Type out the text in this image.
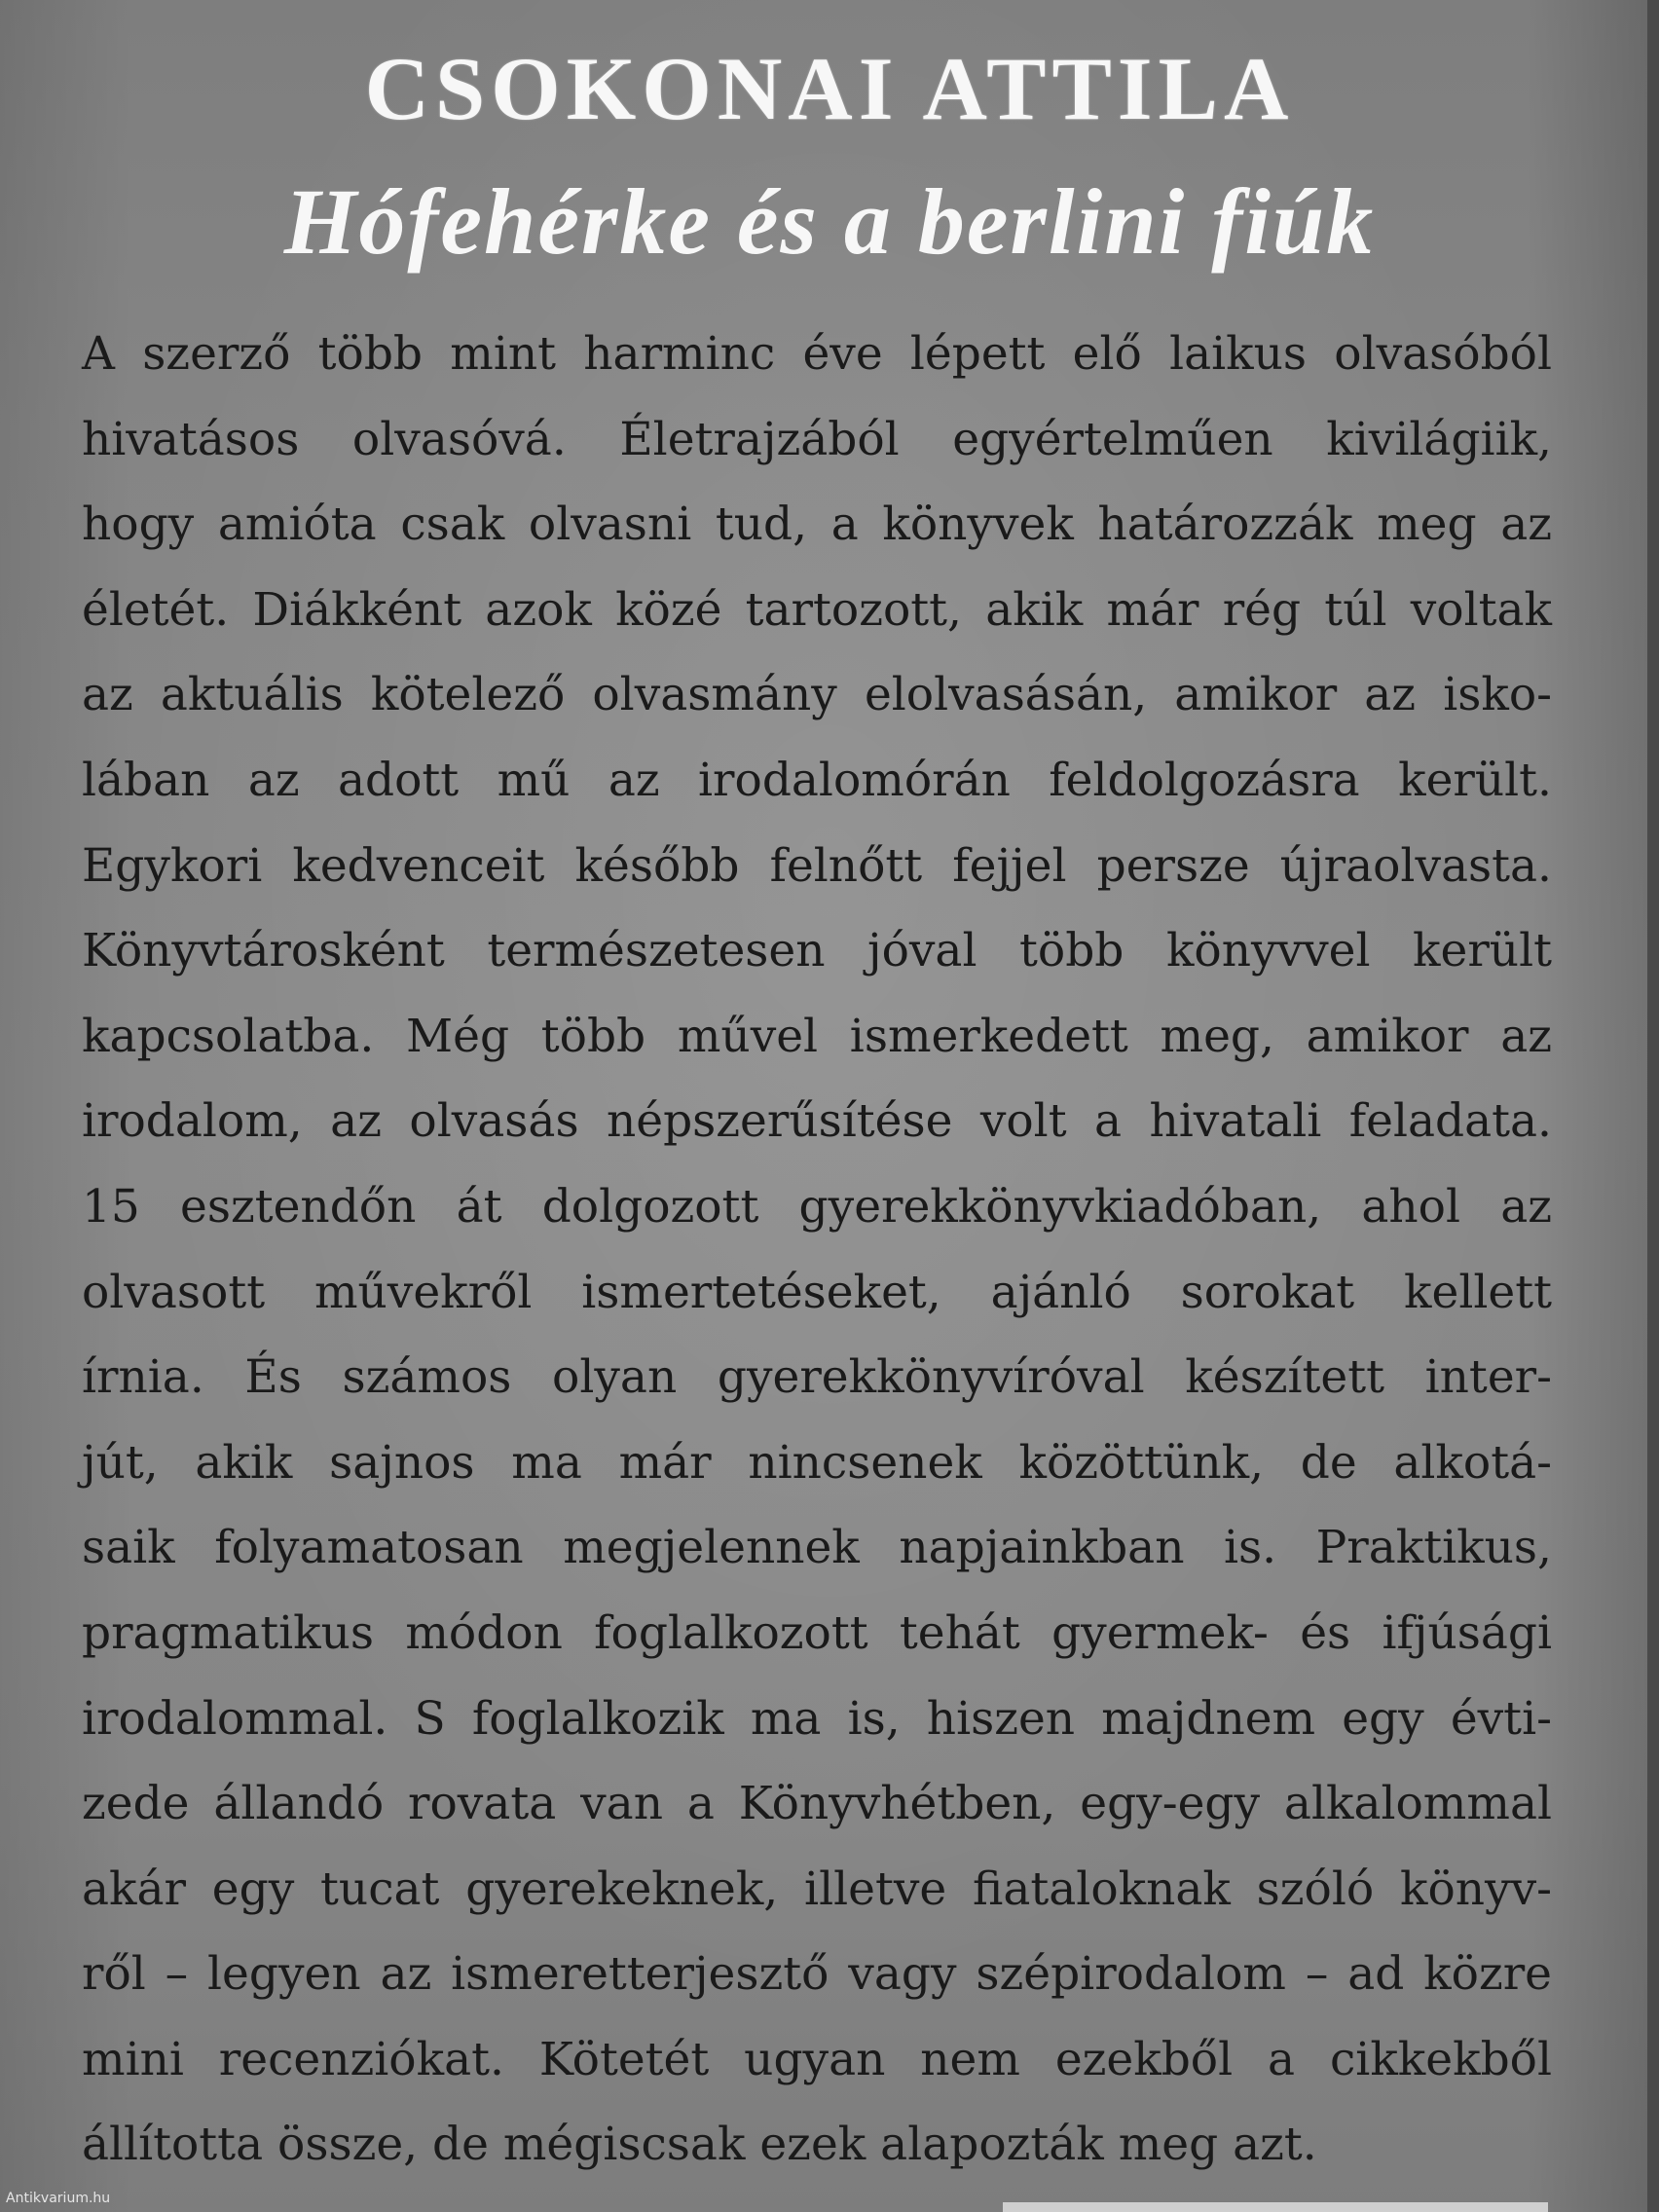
CSOKONAI ATTILA
Hófehérke és a berlini fiúk
A szerző több mint harminc éve lépett elő laikus olvasóból
hivatásos olvasóvá. Életrajzából egyértelműen kivilágiik,
hogy amióta csak olvasni tud, a könyvek határozzák meg az
életét. Diákként azok közé tartozott, akik már rég túl voltak
az aktuális kötelező olvasmány elolvasásán, amikor az isko-
lában az adott mű az irodalomórán feldolgozásra került.
Egykori kedvenceit később felnőtt fejjel persze újraolvasta.
Könyvtárosként természetesen jóval több könyvvel került
kapcsolatba. Még több művel ismerkedett meg, amikor az
irodalom, az olvasás népszerűsítése volt a hivatali feladata.
15 esztendőn át dolgozott gyerekkönyvkiadóban, ahol az
olvasott művekről ismertetéseket, ajánló sorokat kellett
írnia. És számos olyan gyerekkönyvíróval készített inter-
jút, akik sajnos ma már nincsenek közöttünk, de alkotá-
saik folyamatosan megjelennek napjainkban is. Praktikus,
pragmatikus módon foglalkozott tehát gyermek- és ifjúsági
irodalommal. S foglalkozik ma is, hiszen majdnem egy évti-
zede állandó rovata van a Könyvhétben, egy-egy alkalommal
akár egy tucat gyerekeknek, illetve fiataloknak szóló könyv-
ről – legyen az ismeretterjesztő vagy szépirodalom – ad közre
mini recenziókat. Kötetét ugyan nem ezekből a cikkekből
állította össze, de mégiscsak ezek alapozták meg azt.
Antikvarium.hu
